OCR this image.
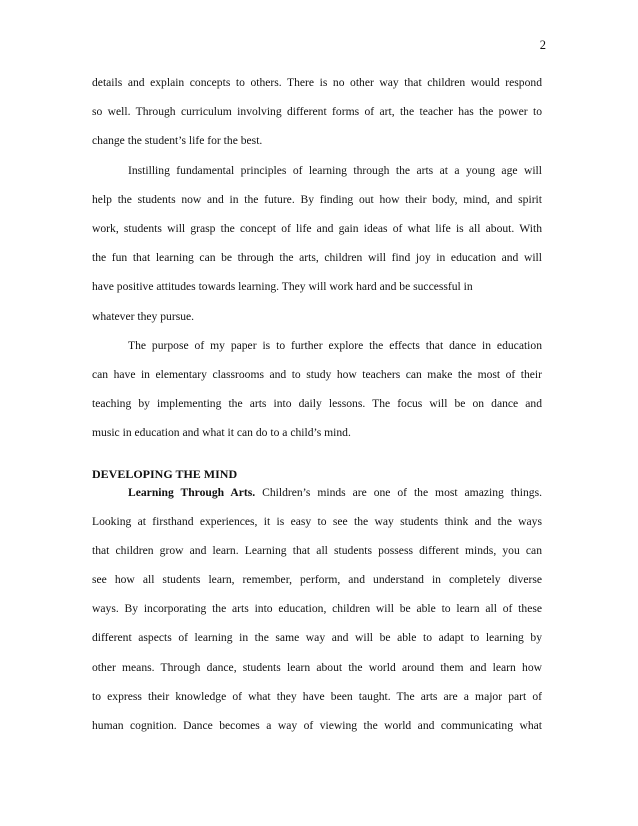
2
details and explain concepts to others. There is no other way that children would respond
so well. Through curriculum involving different forms of art, the teacher has the power to
change the student’s life for the best.
Instilling fundamental principles of learning through the arts at a young age will
help the students now and in the future. By finding out how their body, mind, and spirit
work, students will grasp the concept of life and gain ideas of what life is all about. With
the fun that learning can be through the arts, children will find joy in education and will
have positive attitudes towards learning. They will work hard and be successful in
whatever they pursue.
The purpose of my paper is to further explore the effects that dance in education
can have in elementary classrooms and to study how teachers can make the most of their
teaching by implementing the arts into daily lessons. The focus will be on dance and
music in education and what it can do to a child’s mind.
DEVELOPING THE MIND
Learning Through Arts. Children’s minds are one of the most amazing things.
Looking at firsthand experiences, it is easy to see the way students think and the ways
that children grow and learn. Learning that all students possess different minds, you can
see how all students learn, remember, perform, and understand in completely diverse
ways. By incorporating the arts into education, children will be able to learn all of these
different aspects of learning in the same way and will be able to adapt to learning by
other means. Through dance, students learn about the world around them and learn how
to express their knowledge of what they have been taught. The arts are a major part of
human cognition. Dance becomes a way of viewing the world and communicating what
